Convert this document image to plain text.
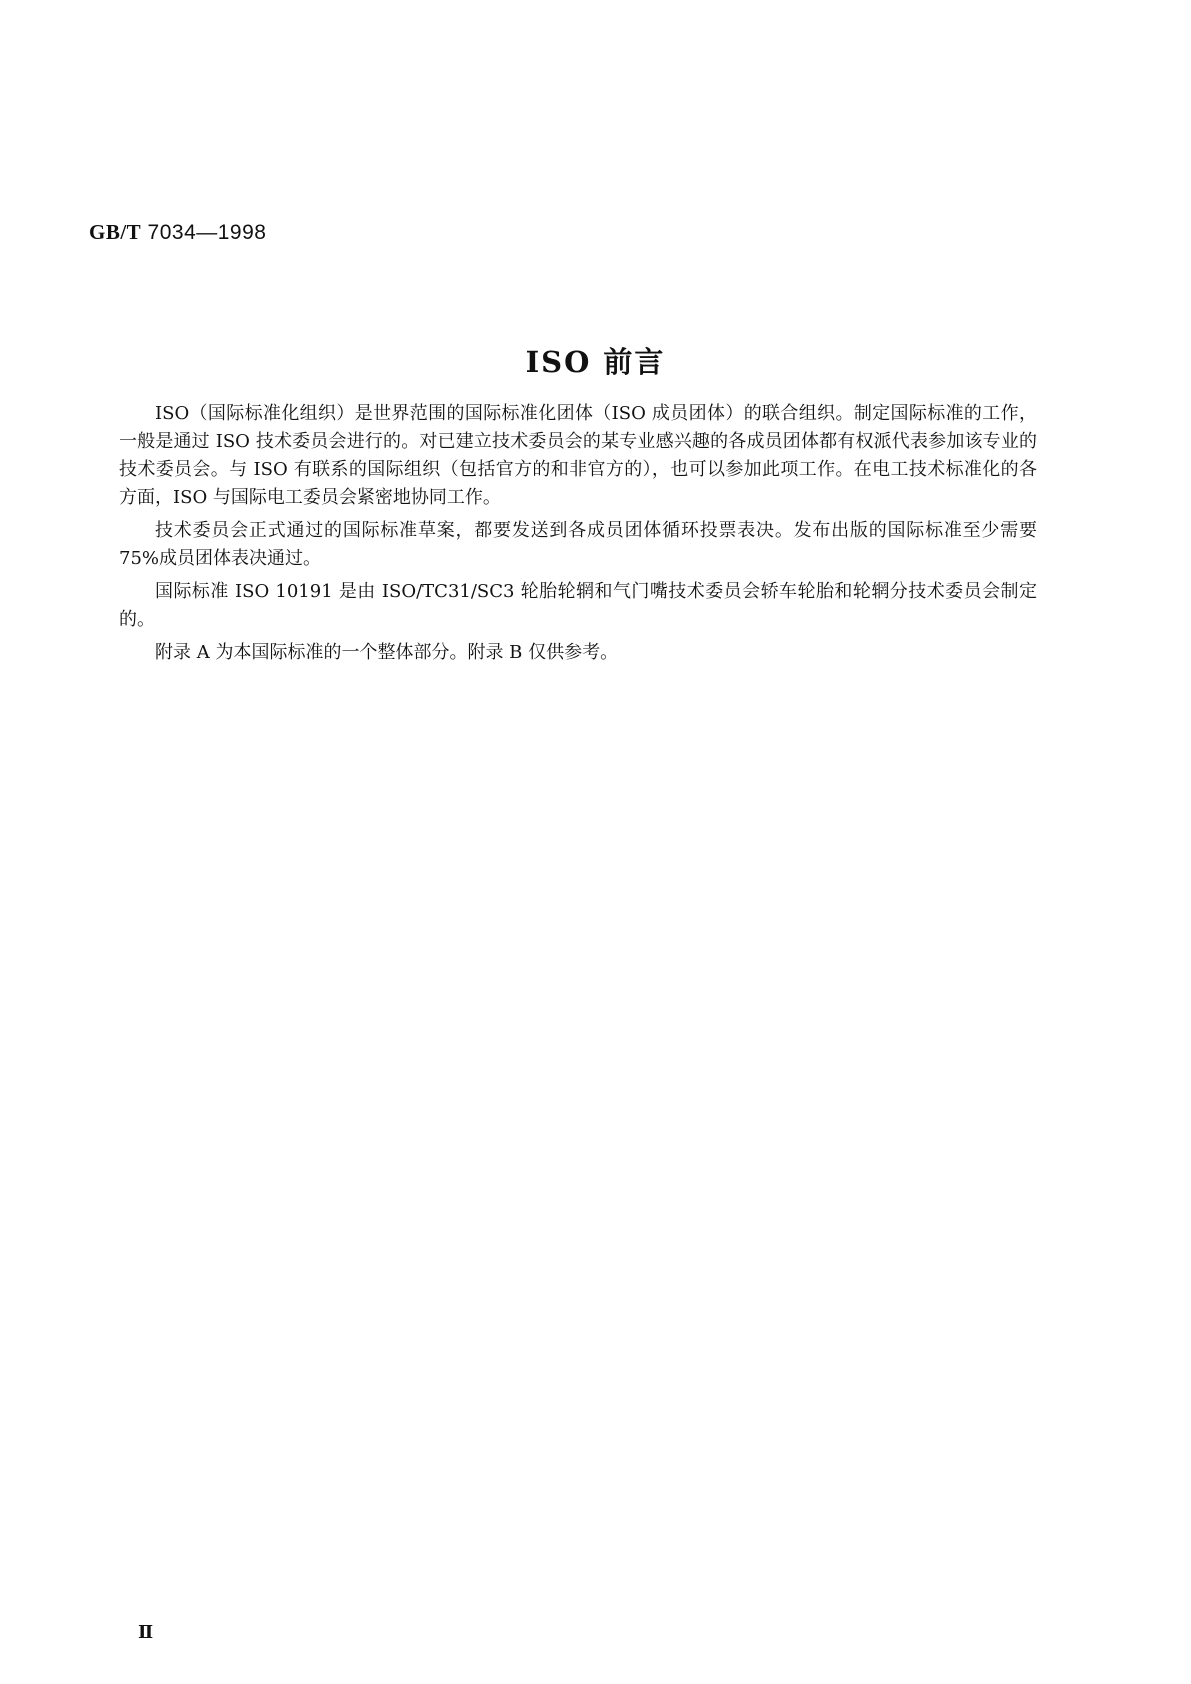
GB/T 7034—1998
ISO 前言

ISO（国际标准化组织）是世界范围的国际标准化团体（ISO 成员团体）的联合组织。制定国际标准的工作，一般是通过 ISO 技术委员会进行的。对已建立技术委员会的某专业感兴趣的各成员团体都有权派代表参加该专业的技术委员会。与 ISO 有联系的国际组织（包括官方的和非官方的），也可以参加此项工作。在电工技术标准化的各方面，ISO 与国际电工委员会紧密地协同工作。

技术委员会正式通过的国际标准草案，都要发送到各成员团体循环投票表决。发布出版的国际标准至少需要 75%成员团体表决通过。

国际标准 ISO 10191 是由 ISO/TC31/SC3 轮胎轮辋和气门嘴技术委员会轿车轮胎和轮辋分技术委员会制定的。

附录 A 为本国际标准的一个整体部分。附录 B 仅供参考。

Ⅱ
